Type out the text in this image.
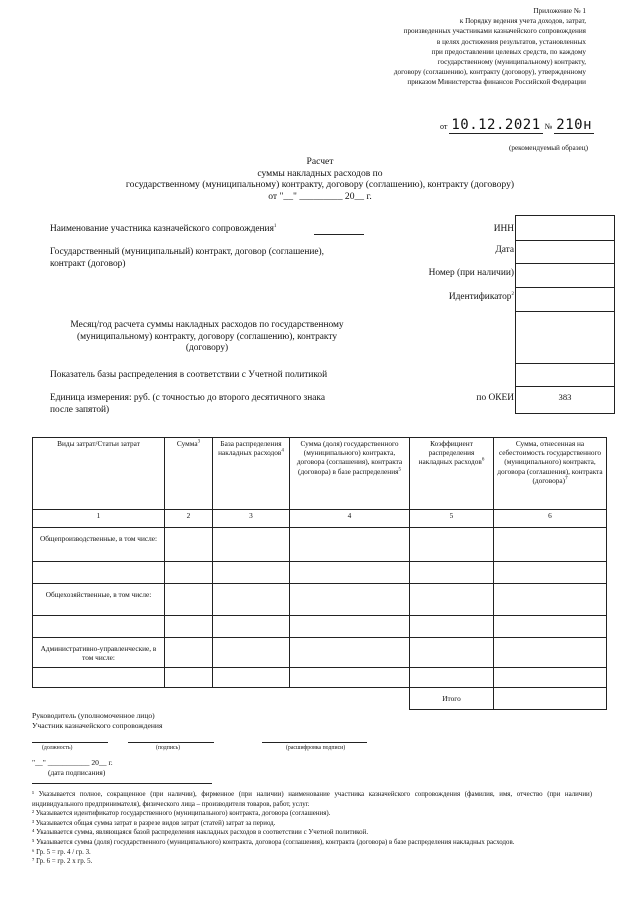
Приложение № 1
к Порядку ведения учета доходов, затрат,
произведенных участниками казначейского сопровождения
в целях достижения результатов, установленных
при предоставлении целевых средств, по каждому
государственному (муниципальному) контракту,
договору (соглашению), контракту (договору), утвержденному
приказом Министерства финансов Российской Федерации
от 10.12.2021 № 210н
(рекомендуемый образец)
Расчет
суммы накладных расходов по
государственному (муниципальному) контракту, договору (соглашению), контракту (договору)
от "__" _________ 20__ г.
Наименование участника казначейского сопровождения$^1$
Государственный (муниципальный) контракт, договор (соглашение),
контракт (договор)
ИНН
Дата
Номер (при наличии)
Идентификатор$^2$
Месяц/год расчета суммы накладных расходов по государственному
(муниципальному) контракту, договору (соглашению), контракту
(договору)
Показатель базы распределения в соответствии с Учетной политикой
Единица измерения: руб. (с точностью до второго десятичного знака
после запятой)
по ОКЕИ	383
Виды затрат/Статьи затрат	Сумма$^3$	База распределения накладных расходов$^4$	Сумма (доля) государственного (муниципального) контракта, договора (соглашения), контракта (договора) в базе распределения$^5$	Коэффициент распределения накладных расходов$^6$	Сумма, отнесенная на себестоимость государственного (муниципального) контракта, договора (соглашения), контракта (договора)$^7$
1	2	3	4	5	6
Общепроизводственные, в том числе:					

Общехозяйственные, в том числе:					

Административно-управленческие, в том числе:					

				Итого	
Руководитель (уполномоченное лицо)
Участник казначейского сопровождения
(должность)	(подпись)	(расшифровка подписи)
"__" ___________ 20__ г.
(дата подписания)
¹ Указывается полное, сокращенное (при наличии), фирменное (при наличии) наименование участника казначейского сопровождения (фамилия, имя, отчество (при наличии) индивидуального предпринимателя), физического лица – производителя товаров, работ, услуг.
² Указывается идентификатор государственного (муниципального) контракта, договора (соглашения).
³ Указывается общая сумма затрат в разрезе видов затрат (статей) затрат за период.
⁴ Указывается сумма, являющаяся базой распределения накладных расходов в соответствии с Учетной политикой.
⁵ Указывается сумма (доля) государственного (муниципального) контракта, договора (соглашения), контракта (договора) в базе распределения накладных расходов.
⁶ Гр. 5 = гр. 4 / гр. 3.
⁷ Гр. 6 = гр. 2 х гр. 5.
